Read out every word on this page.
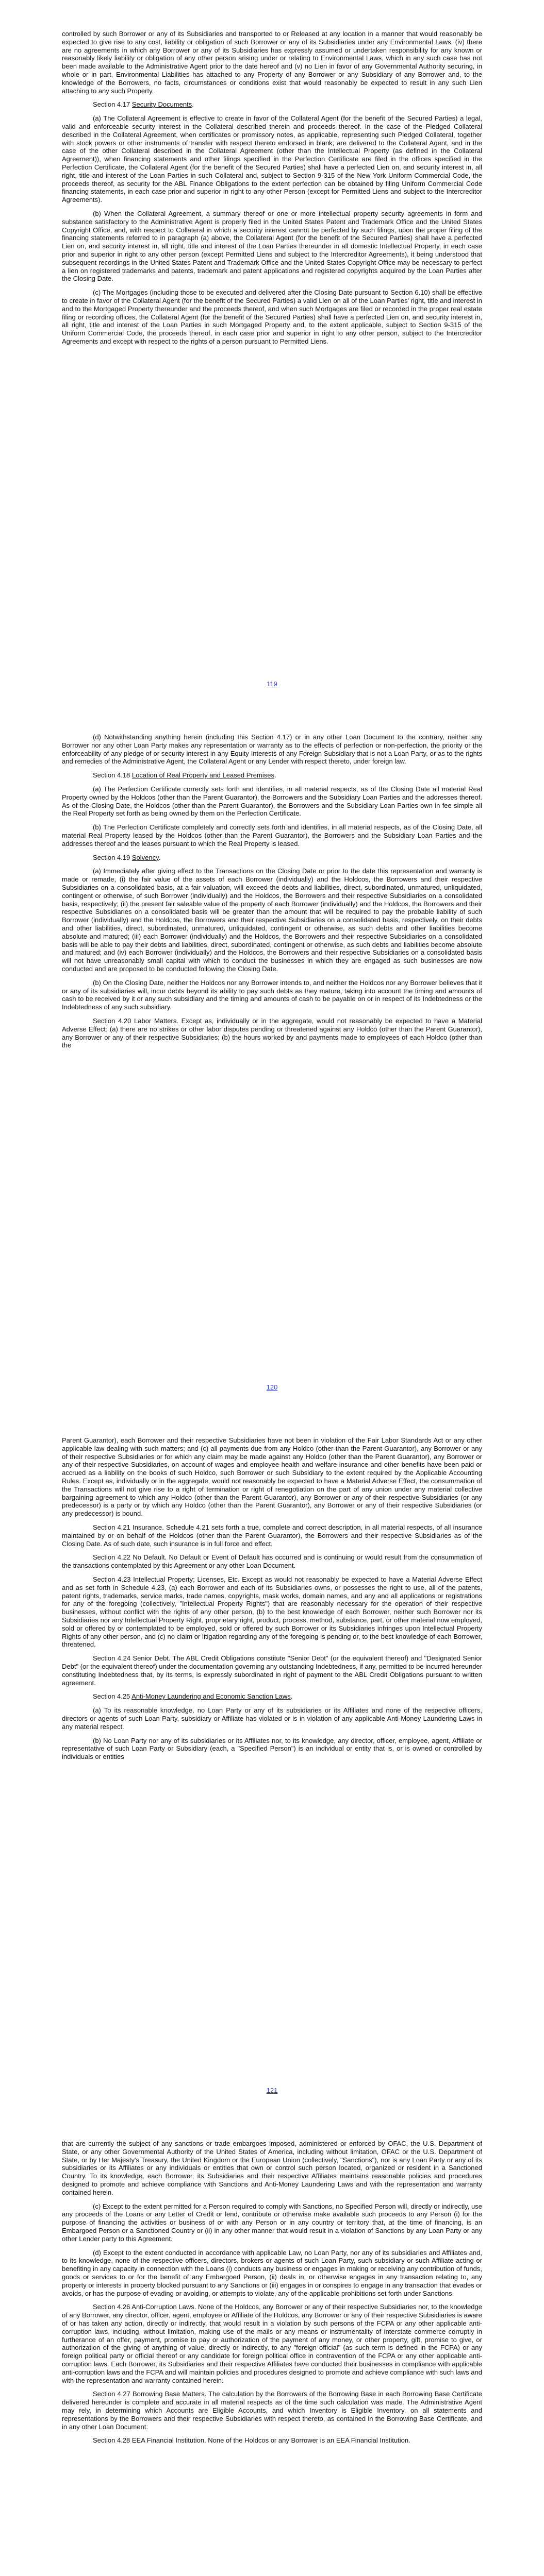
controlled by such Borrower or any of its Subsidiaries and transported to or Released at any location in a manner that would reasonably be expected to give rise to any cost, liability or obligation of such Borrower or any of its Subsidiaries under any Environmental Laws, (iv) there are no agreements in which any Borrower or any of its Subsidiaries has expressly assumed or undertaken responsibility for any known or reasonably likely liability or obligation of any other person arising under or relating to Environmental Laws, which in any such case has not been made available to the Administrative Agent prior to the date hereof and (v) no Lien in favor of any Governmental Authority securing, in whole or in part, Environmental Liabilities has attached to any Property of any Borrower or any Subsidiary of any Borrower and, to the knowledge of the Borrowers, no facts, circumstances or conditions exist that would reasonably be expected to result in any such Lien attaching to any such Property.

Section 4.17 Security Documents.

(a) The Collateral Agreement is effective to create in favor of the Collateral Agent (for the benefit of the Secured Parties) a legal, valid and enforceable security interest in the Collateral described therein and proceeds thereof. In the case of the Pledged Collateral described in the Collateral Agreement, when certificates or promissory notes, as applicable, representing such Pledged Collateral, together with stock powers or other instruments of transfer with respect thereto endorsed in blank, are delivered to the Collateral Agent, and in the case of the other Collateral described in the Collateral Agreement (other than the Intellectual Property (as defined in the Collateral Agreement)), when financing statements and other filings specified in the Perfection Certificate are filed in the offices specified in the Perfection Certificate, the Collateral Agent (for the benefit of the Secured Parties) shall have a perfected Lien on, and security interest in, all right, title and interest of the Loan Parties in such Collateral and, subject to Section 9-315 of the New York Uniform Commercial Code, the proceeds thereof, as security for the ABL Finance Obligations to the extent perfection can be obtained by filing Uniform Commercial Code financing statements, in each case prior and superior in right to any other Person (except for Permitted Liens and subject to the Intercreditor Agreements).

(b) When the Collateral Agreement, a summary thereof or one or more intellectual property security agreements in form and substance satisfactory to the Administrative Agent is properly filed in the United States Patent and Trademark Office and the United States Copyright Office, and, with respect to Collateral in which a security interest cannot be perfected by such filings, upon the proper filing of the financing statements referred to in paragraph (a) above, the Collateral Agent (for the benefit of the Secured Parties) shall have a perfected Lien on, and security interest in, all right, title and interest of the Loan Parties thereunder in all domestic Intellectual Property, in each case prior and superior in right to any other person (except Permitted Liens and subject to the Intercreditor Agreements), it being understood that subsequent recordings in the United States Patent and Trademark Office and the United States Copyright Office may be necessary to perfect a lien on registered trademarks and patents, trademark and patent applications and registered copyrights acquired by the Loan Parties after the Closing Date.

(c) The Mortgages (including those to be executed and delivered after the Closing Date pursuant to Section 6.10) shall be effective to create in favor of the Collateral Agent (for the benefit of the Secured Parties) a valid Lien on all of the Loan Parties' right, title and interest in and to the Mortgaged Property thereunder and the proceeds thereof, and when such Mortgages are filed or recorded in the proper real estate filing or recording offices, the Collateral Agent (for the benefit of the Secured Parties) shall have a perfected Lien on, and security interest in, all right, title and interest of the Loan Parties in such Mortgaged Property and, to the extent applicable, subject to Section 9-315 of the Uniform Commercial Code, the proceeds thereof, in each case prior and superior in right to any other person, subject to the Intercreditor Agreements and except with respect to the rights of a person pursuant to Permitted Liens.

119

(d) Notwithstanding anything herein (including this Section 4.17) or in any other Loan Document to the contrary, neither any Borrower nor any other Loan Party makes any representation or warranty as to the effects of perfection or non-perfection, the priority or the enforceability of any pledge of or security interest in any Equity Interests of any Foreign Subsidiary that is not a Loan Party, or as to the rights and remedies of the Administrative Agent, the Collateral Agent or any Lender with respect thereto, under foreign law.

Section 4.18 Location of Real Property and Leased Premises.

(a) The Perfection Certificate correctly sets forth and identifies, in all material respects, as of the Closing Date all material Real Property owned by the Holdcos (other than the Parent Guarantor), the Borrowers and the Subsidiary Loan Parties and the addresses thereof. As of the Closing Date, the Holdcos (other than the Parent Guarantor), the Borrowers and the Subsidiary Loan Parties own in fee simple all the Real Property set forth as being owned by them on the Perfection Certificate.

(b) The Perfection Certificate completely and correctly sets forth and identifies, in all material respects, as of the Closing Date, all material Real Property leased by the Holdcos (other than the Parent Guarantor), the Borrowers and the Subsidiary Loan Parties and the addresses thereof and the leases pursuant to which the Real Property is leased.

Section 4.19 Solvency.

(a) Immediately after giving effect to the Transactions on the Closing Date or prior to the date this representation and warranty is made or remade, (i) the fair value of the assets of each Borrower (individually) and the Holdcos, the Borrowers and their respective Subsidiaries on a consolidated basis, at a fair valuation, will exceed the debts and liabilities, direct, subordinated, unmatured, unliquidated, contingent or otherwise, of such Borrower (individually) and the Holdcos, the Borrowers and their respective Subsidiaries on a consolidated basis, respectively; (ii) the present fair saleable value of the property of each Borrower (individually) and the Holdcos, the Borrowers and their respective Subsidiaries on a consolidated basis will be greater than the amount that will be required to pay the probable liability of such Borrower (individually) and the Holdcos, the Borrowers and their respective Subsidiaries on a consolidated basis, respectively, on their debts and other liabilities, direct, subordinated, unmatured, unliquidated, contingent or otherwise, as such debts and other liabilities become absolute and matured; (iii) each Borrower (individually) and the Holdcos, the Borrowers and their respective Subsidiaries on a consolidated basis will be able to pay their debts and liabilities, direct, subordinated, contingent or otherwise, as such debts and liabilities become absolute and matured; and (iv) each Borrower (individually) and the Holdcos, the Borrowers and their respective Subsidiaries on a consolidated basis will not have unreasonably small capital with which to conduct the businesses in which they are engaged as such businesses are now conducted and are proposed to be conducted following the Closing Date.

(b) On the Closing Date, neither the Holdcos nor any Borrower intends to, and neither the Holdcos nor any Borrower believes that it or any of its subsidiaries will, incur debts beyond its ability to pay such debts as they mature, taking into account the timing and amounts of cash to be received by it or any such subsidiary and the timing and amounts of cash to be payable on or in respect of its Indebtedness or the Indebtedness of any such subsidiary.

Section 4.20 Labor Matters. Except as, individually or in the aggregate, would not reasonably be expected to have a Material Adverse Effect: (a) there are no strikes or other labor disputes pending or threatened against any Holdco (other than the Parent Guarantor), any Borrower or any of their respective Subsidiaries; (b) the hours worked by and payments made to employees of each Holdco (other than the

120

Parent Guarantor), each Borrower and their respective Subsidiaries have not been in violation of the Fair Labor Standards Act or any other applicable law dealing with such matters; and (c) all payments due from any Holdco (other than the Parent Guarantor), any Borrower or any of their respective Subsidiaries or for which any claim may be made against any Holdco (other than the Parent Guarantor), any Borrower or any of their respective Subsidiaries, on account of wages and employee health and welfare insurance and other benefits have been paid or accrued as a liability on the books of such Holdco, such Borrower or such Subsidiary to the extent required by the Applicable Accounting Rules. Except as, individually or in the aggregate, would not reasonably be expected to have a Material Adverse Effect, the consummation of the Transactions will not give rise to a right of termination or right of renegotiation on the part of any union under any material collective bargaining agreement to which any Holdco (other than the Parent Guarantor), any Borrower or any of their respective Subsidiaries (or any predecessor) is a party or by which any Holdco (other than the Parent Guarantor), any Borrower or any of their respective Subsidiaries (or any predecessor) is bound.

Section 4.21 Insurance. Schedule 4.21 sets forth a true, complete and correct description, in all material respects, of all insurance maintained by or on behalf of the Holdcos (other than the Parent Guarantor), the Borrowers and their respective Subsidiaries as of the Closing Date. As of such date, such insurance is in full force and effect.

Section 4.22 No Default. No Default or Event of Default has occurred and is continuing or would result from the consummation of the transactions contemplated by this Agreement or any other Loan Document.

Section 4.23 Intellectual Property; Licenses, Etc. Except as would not reasonably be expected to have a Material Adverse Effect and as set forth in Schedule 4.23, (a) each Borrower and each of its Subsidiaries owns, or possesses the right to use, all of the patents, patent rights, trademarks, service marks, trade names, copyrights, mask works, domain names, and any and all applications or registrations for any of the foregoing (collectively, "Intellectual Property Rights") that are reasonably necessary for the operation of their respective businesses, without conflict with the rights of any other person, (b) to the best knowledge of each Borrower, neither such Borrower nor its Subsidiaries nor any Intellectual Property Right, proprietary right, product, process, method, substance, part, or other material now employed, sold or offered by or contemplated to be employed, sold or offered by such Borrower or its Subsidiaries infringes upon Intellectual Property Rights of any other person, and (c) no claim or litigation regarding any of the foregoing is pending or, to the best knowledge of each Borrower, threatened.

Section 4.24 Senior Debt. The ABL Credit Obligations constitute "Senior Debt" (or the equivalent thereof) and "Designated Senior Debt" (or the equivalent thereof) under the documentation governing any outstanding Indebtedness, if any, permitted to be incurred hereunder constituting Indebtedness that, by its terms, is expressly subordinated in right of payment to the ABL Credit Obligations pursuant to written agreement.

Section 4.25 Anti-Money Laundering and Economic Sanction Laws.

(a) To its reasonable knowledge, no Loan Party or any of its subsidiaries or its Affiliates and none of the respective officers, directors or agents of such Loan Party, subsidiary or Affiliate has violated or is in violation of any applicable Anti-Money Laundering Laws in any material respect.

(b) No Loan Party nor any of its subsidiaries or its Affiliates nor, to its knowledge, any director, officer, employee, agent, Affiliate or representative of such Loan Party or Subsidiary (each, a "Specified Person") is an individual or entity that is, or is owned or controlled by individuals or entities

121

that are currently the subject of any sanctions or trade embargoes imposed, administered or enforced by OFAC, the U.S. Department of State, or any other Governmental Authority of the United States of America, including without limitation, OFAC or the U.S. Department of State, or by Her Majesty's Treasury, the United Kingdom or the European Union (collectively, "Sanctions"), nor is any Loan Party or any of its subsidiaries or its Affiliates or any individuals or entities that own or control such person located, organized or resident in a Sanctioned Country. To its knowledge, each Borrower, its Subsidiaries and their respective Affiliates maintains reasonable policies and procedures designed to promote and achieve compliance with Sanctions and Anti-Money Laundering Laws and with the representation and warranty contained herein.

(c) Except to the extent permitted for a Person required to comply with Sanctions, no Specified Person will, directly or indirectly, use any proceeds of the Loans or any Letter of Credit or lend, contribute or otherwise make available such proceeds to any Person (i) for the purpose of financing the activities or business of or with any Person or in any country or territory that, at the time of financing, is an Embargoed Person or a Sanctioned Country or (ii) in any other manner that would result in a violation of Sanctions by any Loan Party or any other Lender party to this Agreement.

(d) Except to the extent conducted in accordance with applicable Law, no Loan Party, nor any of its subsidiaries and Affiliates and, to its knowledge, none of the respective officers, directors, brokers or agents of such Loan Party, such subsidiary or such Affiliate acting or benefiting in any capacity in connection with the Loans (i) conducts any business or engages in making or receiving any contribution of funds, goods or services to or for the benefit of any Embargoed Person, (ii) deals in, or otherwise engages in any transaction relating to, any property or interests in property blocked pursuant to any Sanctions or (iii) engages in or conspires to engage in any transaction that evades or avoids, or has the purpose of evading or avoiding, or attempts to violate, any of the applicable prohibitions set forth under Sanctions.

Section 4.26 Anti-Corruption Laws. None of the Holdcos, any Borrower or any of their respective Subsidiaries nor, to the knowledge of any Borrower, any director, officer, agent, employee or Affiliate of the Holdcos, any Borrower or any of their respective Subsidiaries is aware of or has taken any action, directly or indirectly, that would result in a violation by such persons of the FCPA or any other applicable anti-corruption laws, including, without limitation, making use of the mails or any means or instrumentality of interstate commerce corruptly in furtherance of an offer, payment, promise to pay or authorization of the payment of any money, or other property, gift, promise to give, or authorization of the giving of anything of value, directly or indirectly, to any "foreign official" (as such term is defined in the FCPA) or any foreign political party or official thereof or any candidate for foreign political office in contravention of the FCPA or any other applicable anti-corruption laws. Each Borrower, its Subsidiaries and their respective Affiliates have conducted their businesses in compliance with applicable anti-corruption laws and the FCPA and will maintain policies and procedures designed to promote and achieve compliance with such laws and with the representation and warranty contained herein.

Section 4.27 Borrowing Base Matters. The calculation by the Borrowers of the Borrowing Base in each Borrowing Base Certificate delivered hereunder is complete and accurate in all material respects as of the time such calculation was made. The Administrative Agent may rely, in determining which Accounts are Eligible Accounts, and which Inventory is Eligible Inventory, on all statements and representations by the Borrowers and their respective Subsidiaries with respect thereto, as contained in the Borrowing Base Certificate, and in any other Loan Document.

Section 4.28 EEA Financial Institution. None of the Holdcos or any Borrower is an EEA Financial Institution.
